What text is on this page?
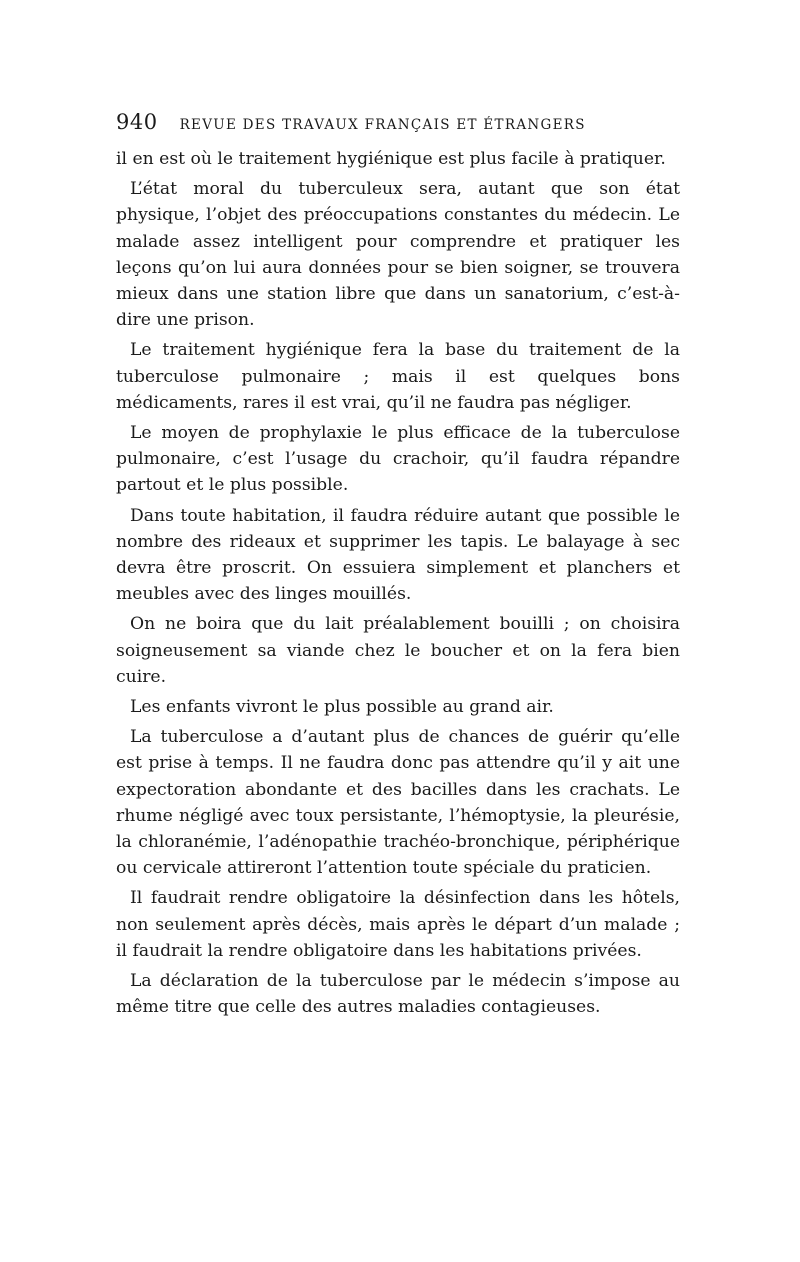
940 REVUE DES TRAVAUX FRANÇAIS ET ÉTRANGERS

il en est où le traitement hygiénique est plus facile à pratiquer.

L’état moral du tuberculeux sera, autant que son état physique, l’objet des préoccupations constantes du médecin. Le malade assez intelligent pour comprendre et pratiquer les leçons qu’on lui aura données pour se bien soigner, se trouvera mieux dans une station libre que dans un sanatorium, c’est-à-dire une prison.

Le traitement hygiénique fera la base du traitement de la tuberculose pulmonaire ; mais il est quelques bons médicaments, rares il est vrai, qu’il ne faudra pas négliger.

Le moyen de prophylaxie le plus efficace de la tuberculose pulmonaire, c’est l’usage du crachoir, qu’il faudra répandre partout et le plus possible.

Dans toute habitation, il faudra réduire autant que possible le nombre des rideaux et supprimer les tapis. Le balayage à sec devra être proscrit. On essuiera simplement et planchers et meubles avec des linges mouillés.

On ne boira que du lait préalablement bouilli ; on choisira soigneusement sa viande chez le boucher et on la fera bien cuire.

Les enfants vivront le plus possible au grand air.

La tuberculose a d’autant plus de chances de guérir qu’elle est prise à temps. Il ne faudra donc pas attendre qu’il y ait une expectoration abondante et des bacilles dans les crachats. Le rhume négligé avec toux persistante, l’hémoptysie, la pleurésie, la chloranémie, l’adénopathie trachéo-bronchique, périphérique ou cervicale attireront l’attention toute spéciale du praticien.

Il faudrait rendre obligatoire la désinfection dans les hôtels, non seulement après décès, mais après le départ d’un malade ; il faudrait la rendre obligatoire dans les habitations privées.

La déclaration de la tuberculose par le médecin s’impose au même titre que celle des autres maladies contagieuses.
